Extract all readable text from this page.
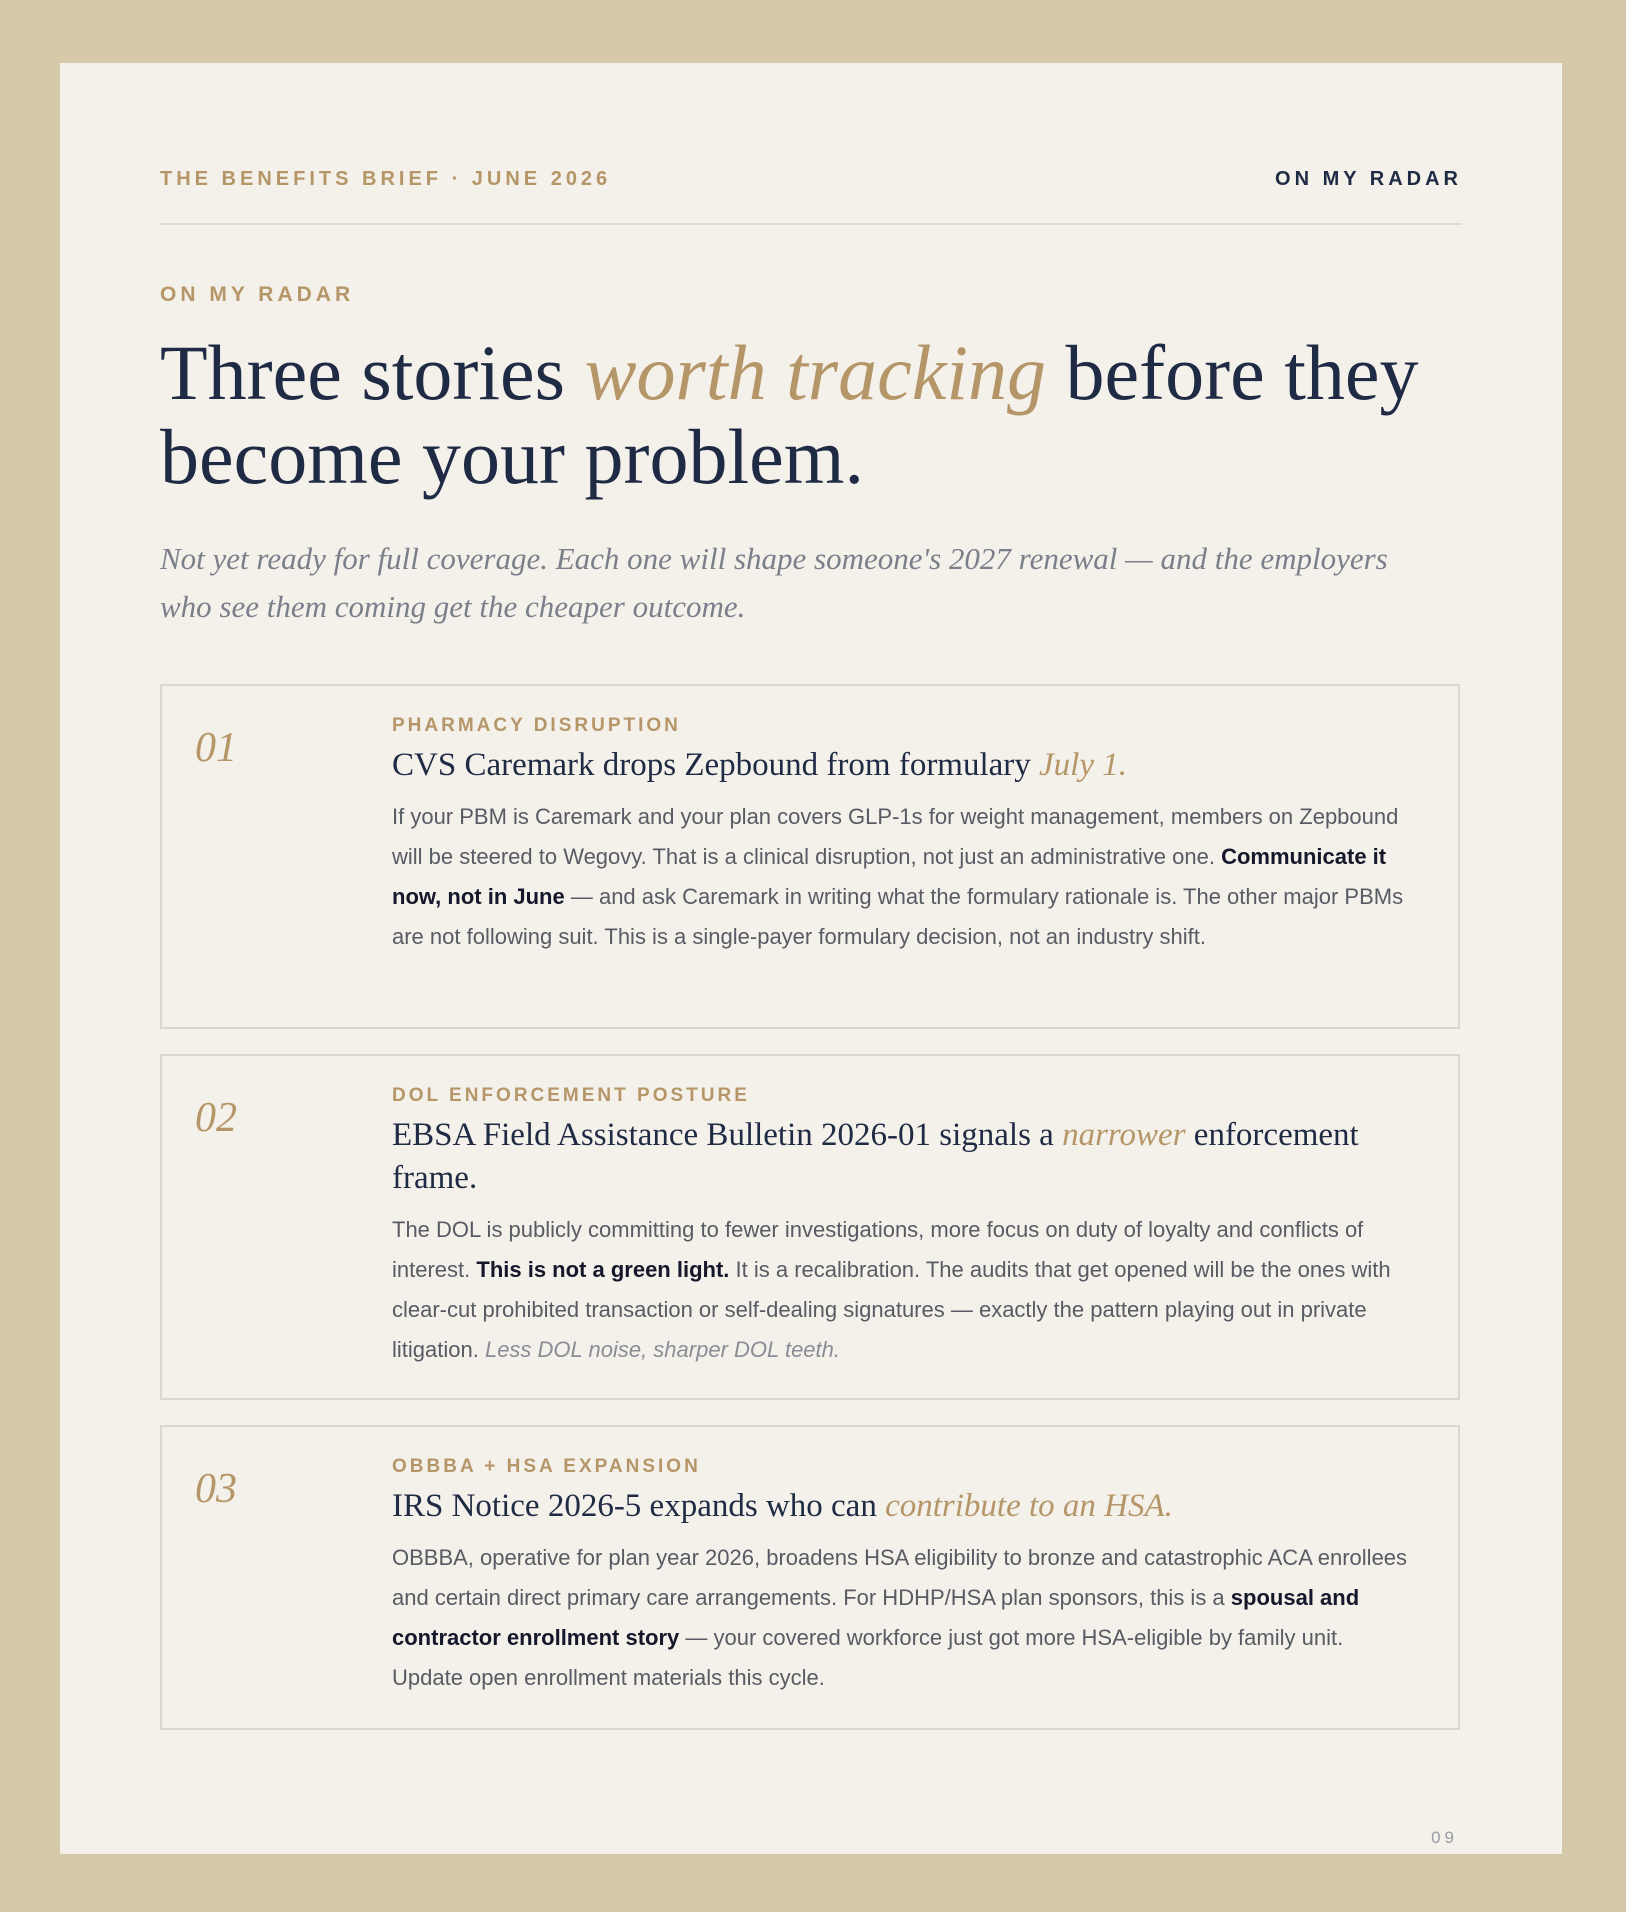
THE BENEFITS BRIEF · JUNE 2026	ON MY RADAR
ON MY RADAR
Three stories worth tracking before they become your problem.
Not yet ready for full coverage. Each one will shape someone's 2027 renewal — and the employers who see them coming get the cheaper outcome.
01	PHARMACY DISRUPTION
CVS Caremark drops Zepbound from formulary July 1.
If your PBM is Caremark and your plan covers GLP-1s for weight management, members on Zepbound will be steered to Wegovy. That is a clinical disruption, not just an administrative one. Communicate it now, not in June — and ask Caremark in writing what the formulary rationale is. The other major PBMs are not following suit. This is a single-payer formulary decision, not an industry shift.
02	DOL ENFORCEMENT POSTURE
EBSA Field Assistance Bulletin 2026-01 signals a narrower enforcement frame.
The DOL is publicly committing to fewer investigations, more focus on duty of loyalty and conflicts of interest. This is not a green light. It is a recalibration. The audits that get opened will be the ones with clear-cut prohibited transaction or self-dealing signatures — exactly the pattern playing out in private litigation. Less DOL noise, sharper DOL teeth.
03	OBBBA + HSA EXPANSION
IRS Notice 2026-5 expands who can contribute to an HSA.
OBBBA, operative for plan year 2026, broadens HSA eligibility to bronze and catastrophic ACA enrollees and certain direct primary care arrangements. For HDHP/HSA plan sponsors, this is a spousal and contractor enrollment story — your covered workforce just got more HSA-eligible by family unit. Update open enrollment materials this cycle.
09
